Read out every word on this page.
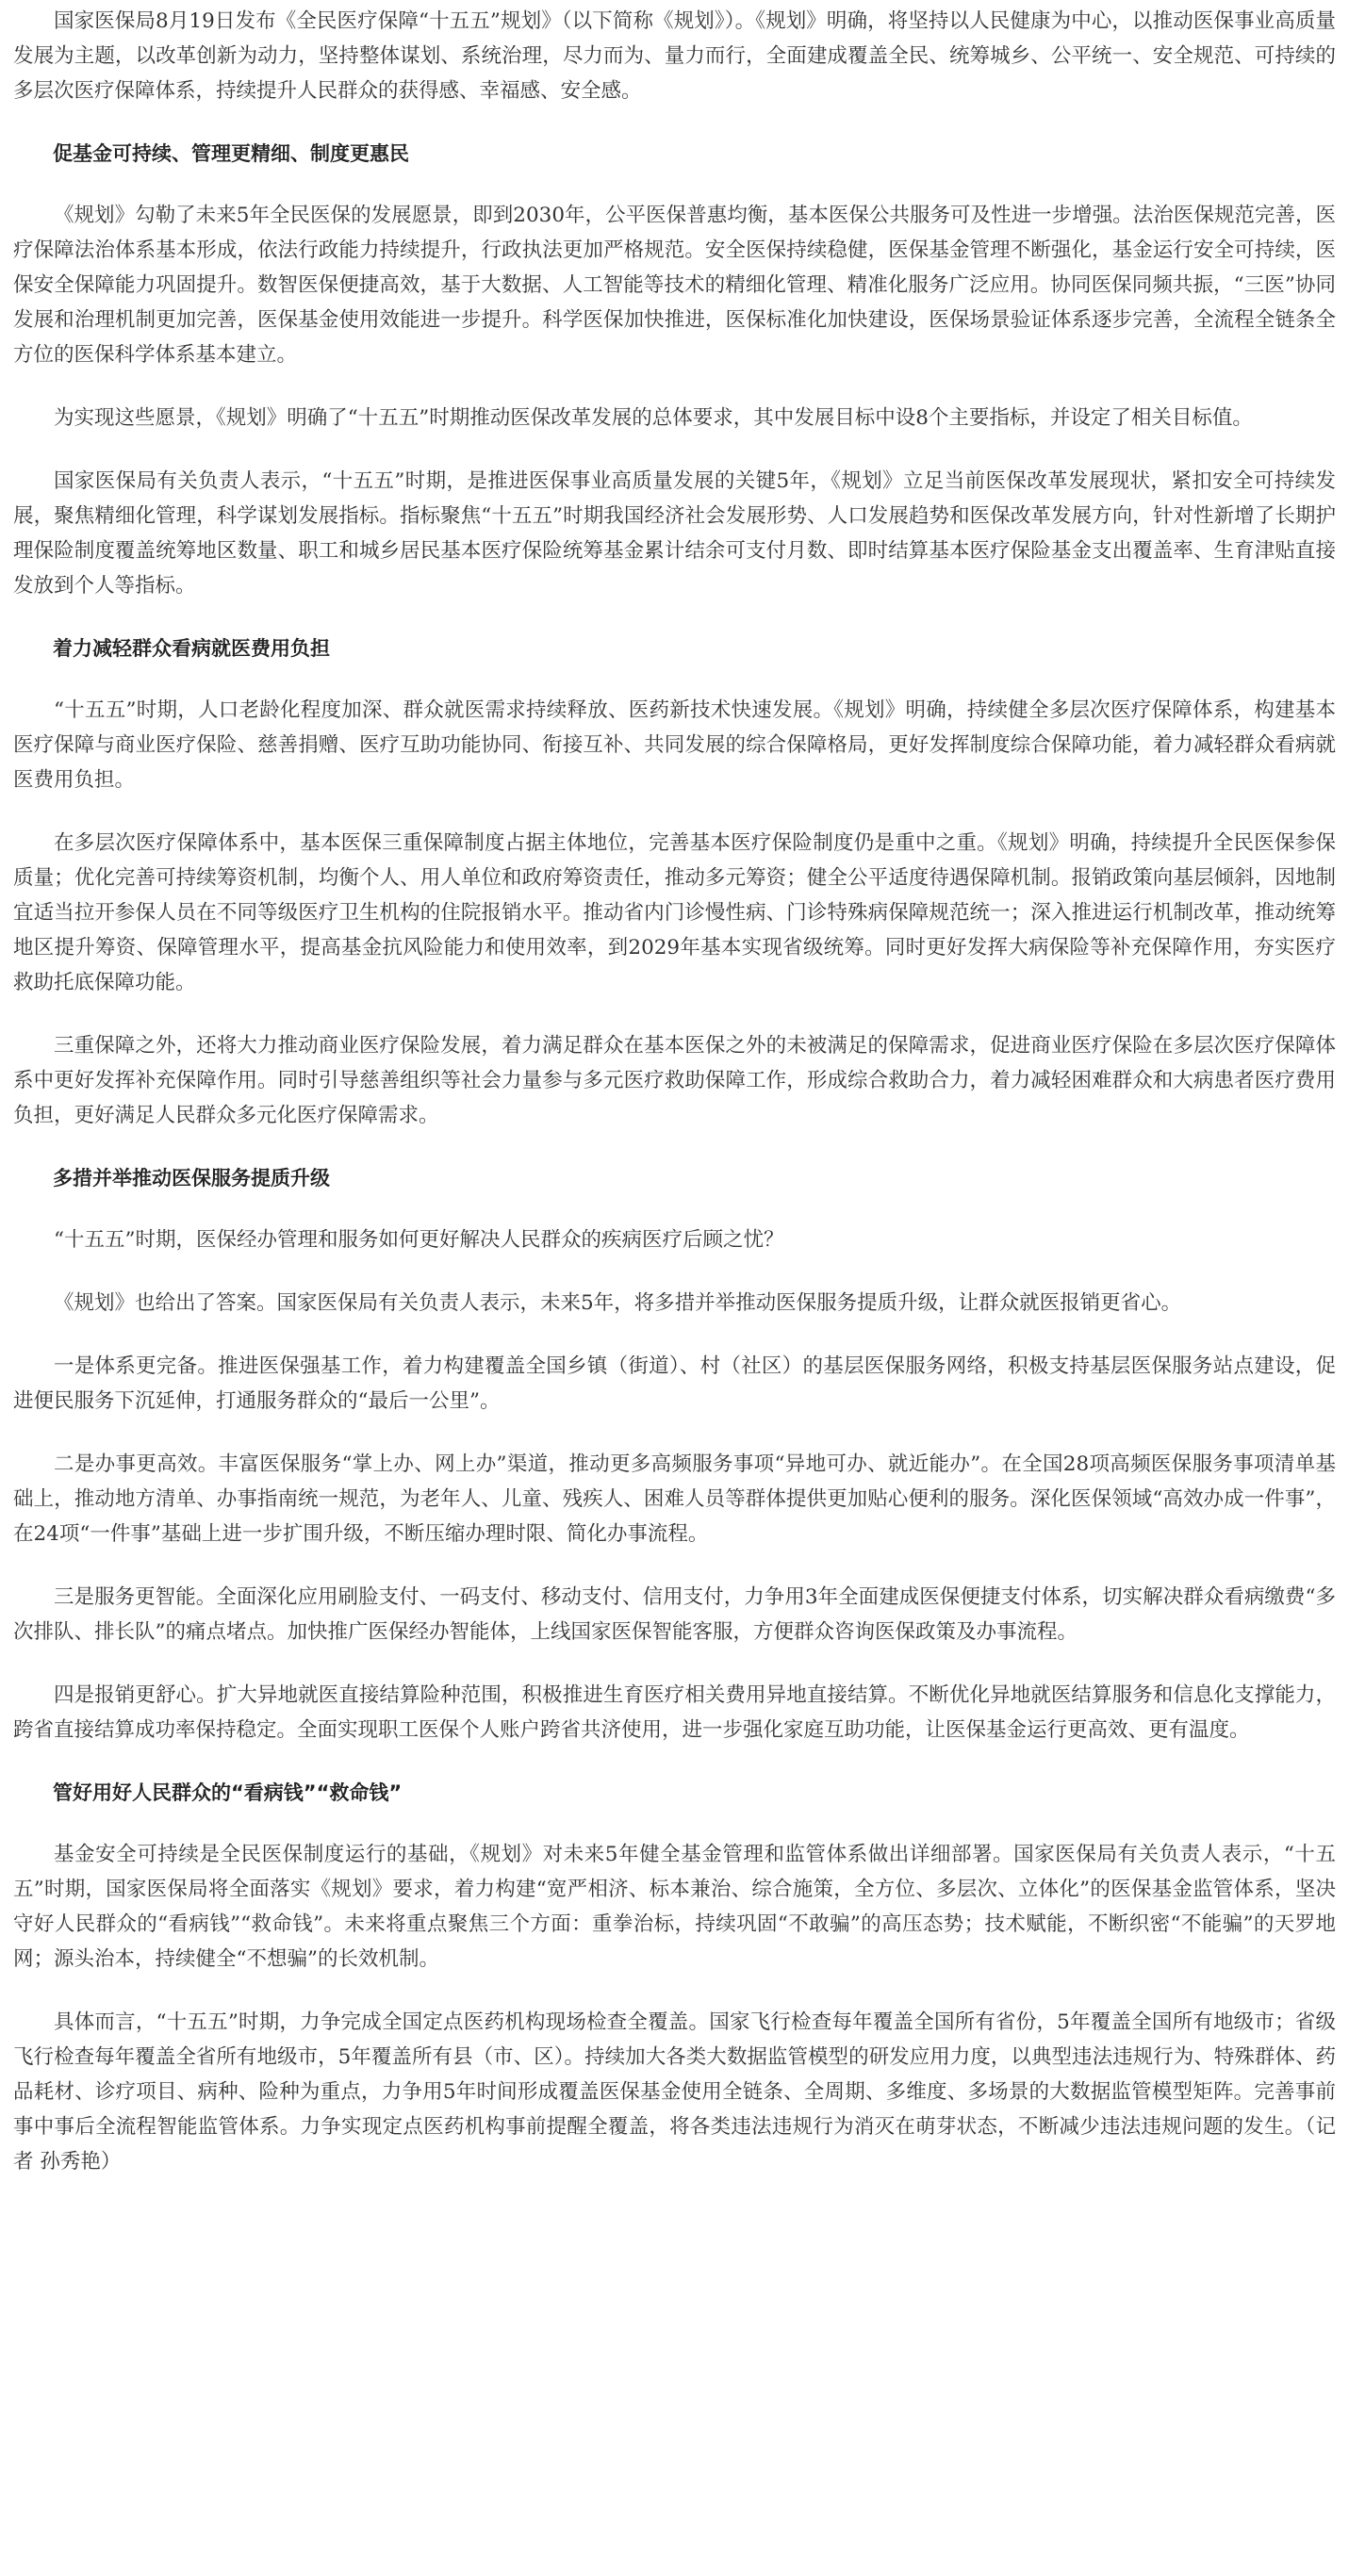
国家医保局8月19日发布《全民医疗保障“十五五”规划》（以下简称《规划》）。《规划》明确，将坚持以人民健康为中心，以推动医保事业高质量发展为主题，以改革创新为动力，坚持整体谋划、系统治理，尽力而为、量力而行，全面建成覆盖全民、统筹城乡、公平统一、安全规范、可持续的多层次医疗保障体系，持续提升人民群众的获得感、幸福感、安全感。

促基金可持续、管理更精细、制度更惠民

《规划》勾勒了未来5年全民医保的发展愿景，即到2030年，公平医保普惠均衡，基本医保公共服务可及性进一步增强。法治医保规范完善，医疗保障法治体系基本形成，依法行政能力持续提升，行政执法更加严格规范。安全医保持续稳健，医保基金管理不断强化，基金运行安全可持续，医保安全保障能力巩固提升。数智医保便捷高效，基于大数据、人工智能等技术的精细化管理、精准化服务广泛应用。协同医保同频共振，“三医”协同发展和治理机制更加完善，医保基金使用效能进一步提升。科学医保加快推进，医保标准化加快建设，医保场景验证体系逐步完善，全流程全链条全方位的医保科学体系基本建立。

为实现这些愿景，《规划》明确了“十五五”时期推动医保改革发展的总体要求，其中发展目标中设8个主要指标，并设定了相关目标值。

国家医保局有关负责人表示，“十五五”时期，是推进医保事业高质量发展的关键5年，《规划》立足当前医保改革发展现状，紧扣安全可持续发展，聚焦精细化管理，科学谋划发展指标。指标聚焦“十五五”时期我国经济社会发展形势、人口发展趋势和医保改革发展方向，针对性新增了长期护理保险制度覆盖统筹地区数量、职工和城乡居民基本医疗保险统筹基金累计结余可支付月数、即时结算基本医疗保险基金支出覆盖率、生育津贴直接发放到个人等指标。

着力减轻群众看病就医费用负担

“十五五”时期，人口老龄化程度加深、群众就医需求持续释放、医药新技术快速发展。《规划》明确，持续健全多层次医疗保障体系，构建基本医疗保障与商业医疗保险、慈善捐赠、医疗互助功能协同、衔接互补、共同发展的综合保障格局，更好发挥制度综合保障功能，着力减轻群众看病就医费用负担。

在多层次医疗保障体系中，基本医保三重保障制度占据主体地位，完善基本医疗保险制度仍是重中之重。《规划》明确，持续提升全民医保参保质量；优化完善可持续筹资机制，均衡个人、用人单位和政府筹资责任，推动多元筹资；健全公平适度待遇保障机制。报销政策向基层倾斜，因地制宜适当拉开参保人员在不同等级医疗卫生机构的住院报销水平。推动省内门诊慢性病、门诊特殊病保障规范统一；深入推进运行机制改革，推动统筹地区提升筹资、保障管理水平，提高基金抗风险能力和使用效率，到2029年基本实现省级统筹。同时更好发挥大病保险等补充保障作用，夯实医疗救助托底保障功能。

三重保障之外，还将大力推动商业医疗保险发展，着力满足群众在基本医保之外的未被满足的保障需求，促进商业医疗保险在多层次医疗保障体系中更好发挥补充保障作用。同时引导慈善组织等社会力量参与多元医疗救助保障工作，形成综合救助合力，着力减轻困难群众和大病患者医疗费用负担，更好满足人民群众多元化医疗保障需求。

多措并举推动医保服务提质升级

“十五五”时期，医保经办管理和服务如何更好解决人民群众的疾病医疗后顾之忧？

《规划》也给出了答案。国家医保局有关负责人表示，未来5年，将多措并举推动医保服务提质升级，让群众就医报销更省心。

一是体系更完备。推进医保强基工作，着力构建覆盖全国乡镇（街道）、村（社区）的基层医保服务网络，积极支持基层医保服务站点建设，促进便民服务下沉延伸，打通服务群众的“最后一公里”。

二是办事更高效。丰富医保服务“掌上办、网上办”渠道，推动更多高频服务事项“异地可办、就近能办”。在全国28项高频医保服务事项清单基础上，推动地方清单、办事指南统一规范，为老年人、儿童、残疾人、困难人员等群体提供更加贴心便利的服务。深化医保领域“高效办成一件事”，在24项“一件事”基础上进一步扩围升级，不断压缩办理时限、简化办事流程。

三是服务更智能。全面深化应用刷脸支付、一码支付、移动支付、信用支付，力争用3年全面建成医保便捷支付体系，切实解决群众看病缴费“多次排队、排长队”的痛点堵点。加快推广医保经办智能体，上线国家医保智能客服，方便群众咨询医保政策及办事流程。

四是报销更舒心。扩大异地就医直接结算险种范围，积极推进生育医疗相关费用异地直接结算。不断优化异地就医结算服务和信息化支撑能力，跨省直接结算成功率保持稳定。全面实现职工医保个人账户跨省共济使用，进一步强化家庭互助功能，让医保基金运行更高效、更有温度。

管好用好人民群众的“看病钱”“救命钱”

基金安全可持续是全民医保制度运行的基础，《规划》对未来5年健全基金管理和监管体系做出详细部署。国家医保局有关负责人表示，“十五五”时期，国家医保局将全面落实《规划》要求，着力构建“宽严相济、标本兼治、综合施策，全方位、多层次、立体化”的医保基金监管体系，坚决守好人民群众的“看病钱”“救命钱”。未来将重点聚焦三个方面：重拳治标，持续巩固“不敢骗”的高压态势；技术赋能，不断织密“不能骗”的天罗地网；源头治本，持续健全“不想骗”的长效机制。

具体而言，“十五五”时期，力争完成全国定点医药机构现场检查全覆盖。国家飞行检查每年覆盖全国所有省份，5年覆盖全国所有地级市；省级飞行检查每年覆盖全省所有地级市，5年覆盖所有县（市、区）。持续加大各类大数据监管模型的研发应用力度，以典型违法违规行为、特殊群体、药品耗材、诊疗项目、病种、险种为重点，力争用5年时间形成覆盖医保基金使用全链条、全周期、多维度、多场景的大数据监管模型矩阵。完善事前事中事后全流程智能监管体系。力争实现定点医药机构事前提醒全覆盖，将各类违法违规行为消灭在萌芽状态，不断减少违法违规问题的发生。（记者 孙秀艳）
